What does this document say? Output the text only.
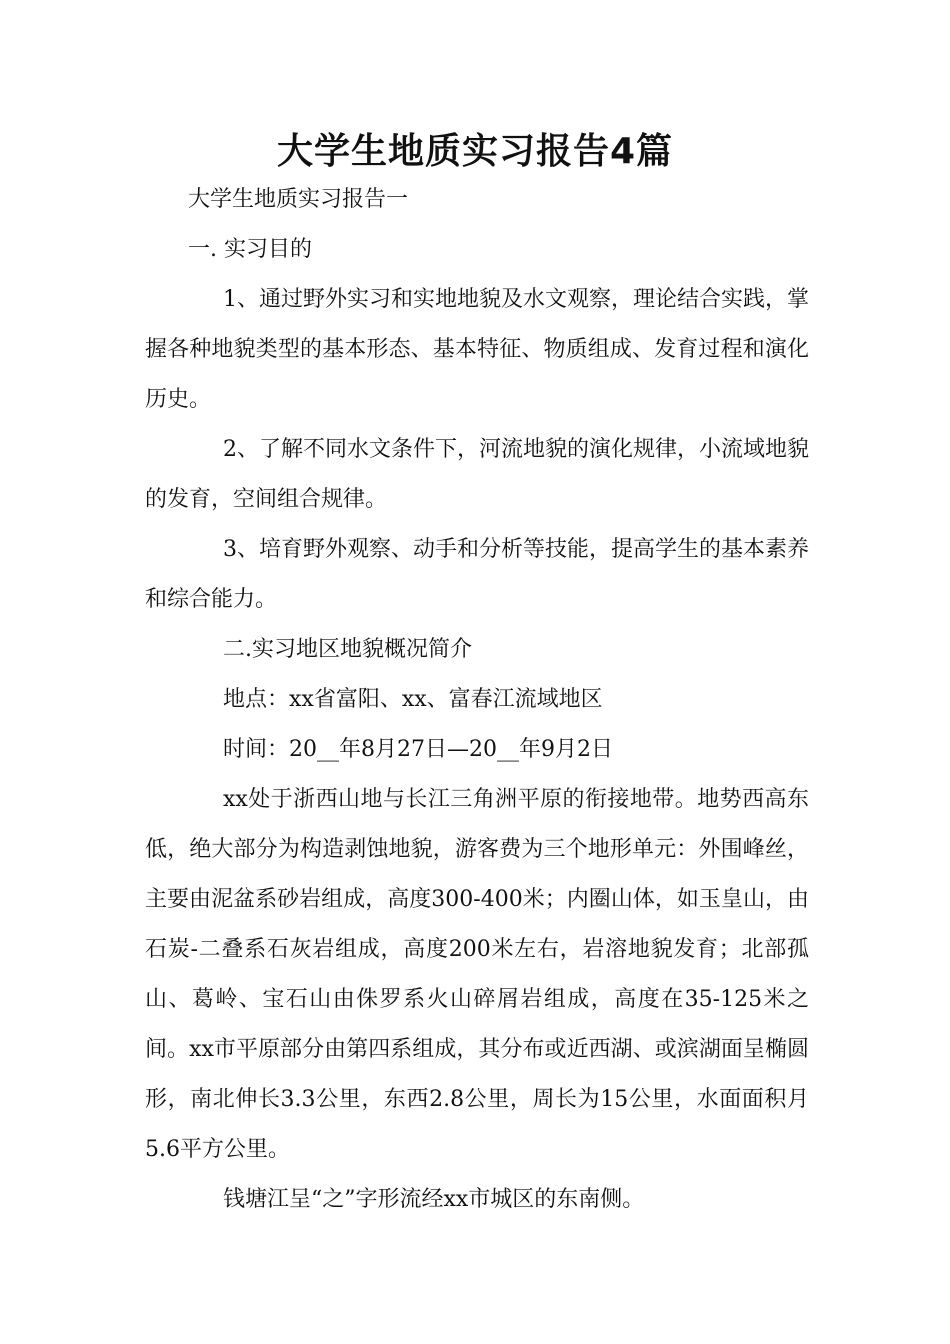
大学生地质实习报告4篇
大学生地质实习报告一
一. 实习目的
1、通过野外实习和实地地貌及水文观察，理论结合实践，掌握各种地貌类型的基本形态、基本特征、物质组成、发育过程和演化历史。
2、了解不同水文条件下，河流地貌的演化规律，小流域地貌的发育，空间组合规律。
3、培育野外观察、动手和分析等技能，提高学生的基本素养和综合能力。
二.实习地区地貌概况简介
地点：xx省富阳、xx、富春江流域地区
时间：20__年8月27日—20__年9月2日
xx处于浙西山地与长江三角洲平原的衔接地带。地势西高东低，绝大部分为构造剥蚀地貌，游客费为三个地形单元：外围峰丝，主要由泥盆系砂岩组成，高度300-400米；内圈山体，如玉皇山，由石炭-二叠系石灰岩组成，高度200米左右，岩溶地貌发育；北部孤山、葛岭、宝石山由侏罗系火山碎屑岩组成，高度在35-125米之间。xx市平原部分由第四系组成，其分布或近西湖、或滨湖面呈椭圆形，南北伸长3.3公里，东西2.8公里，周长为15公里，水面面积月5.6平方公里。
钱塘江呈“之”字形流经xx市城区的东南侧。
